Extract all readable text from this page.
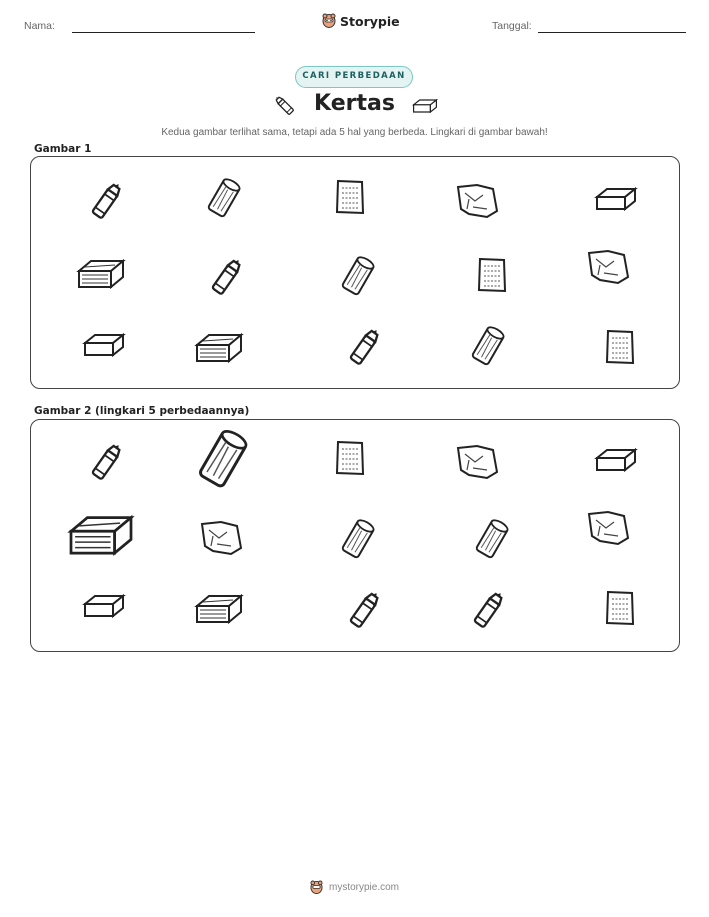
Nama:	Storypie	Tanggal:
CARI PERBEDAAN
Kertas
Kedua gambar terlihat sama, tetapi ada 5 hal yang berbeda. Lingkari di gambar bawah!
Gambar 1
Gambar 2 (lingkari 5 perbedaannya)
mystorypie.com
